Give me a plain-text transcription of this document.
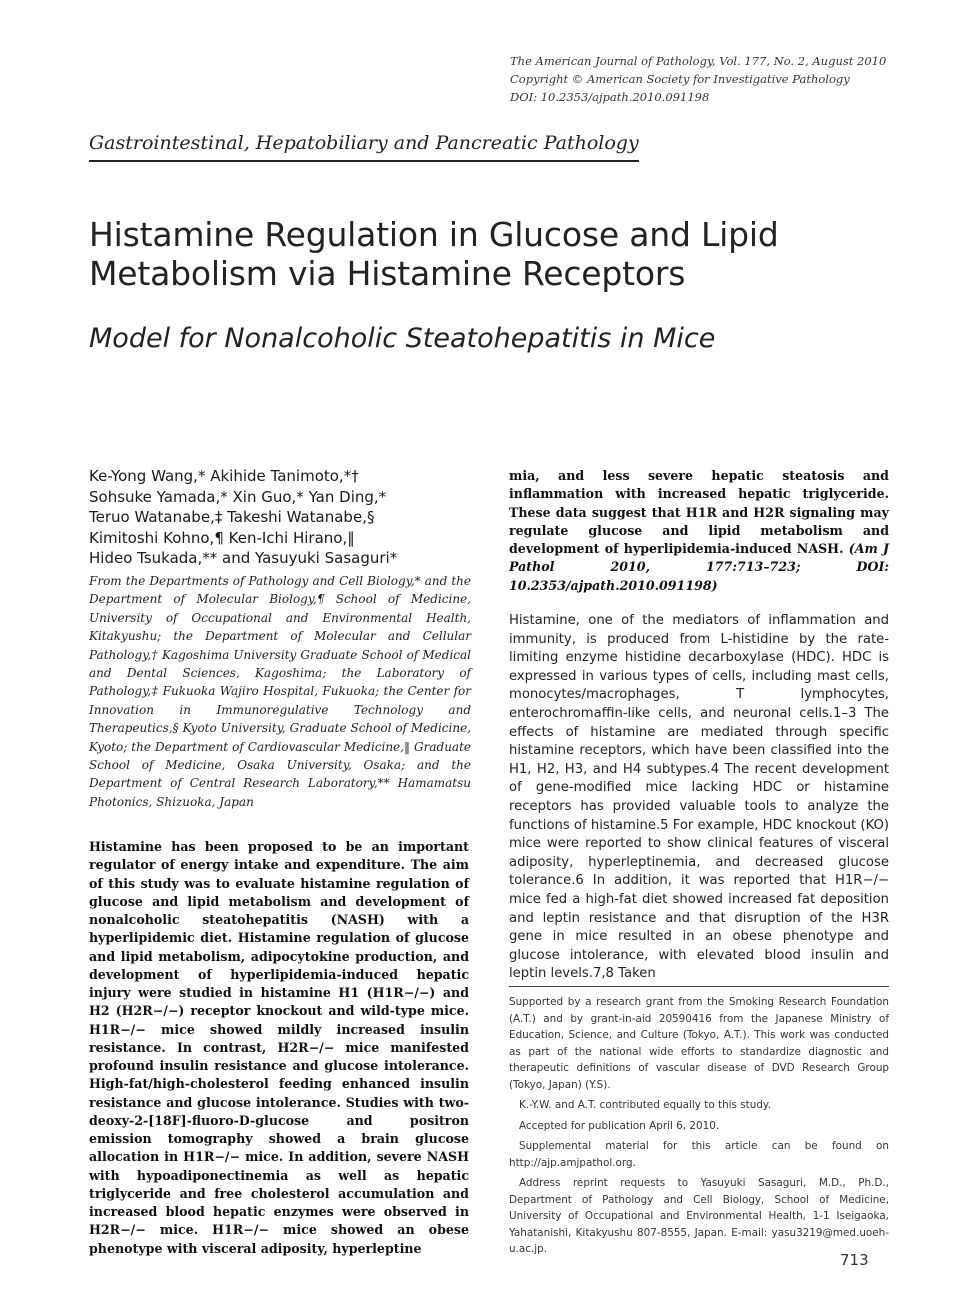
The American Journal of Pathology, Vol. 177, No. 2, August 2010
Copyright © American Society for Investigative Pathology
DOI: 10.2353/ajpath.2010.091198
Gastrointestinal, Hepatobiliary and Pancreatic Pathology
Histamine Regulation in Glucose and Lipid
Metabolism via Histamine Receptors
Model for Nonalcoholic Steatohepatitis in Mice
Ke-Yong Wang,* Akihide Tanimoto,*†
Sohsuke Yamada,* Xin Guo,* Yan Ding,*
Teruo Watanabe,‡ Takeshi Watanabe,§
Kimitoshi Kohno,¶ Ken-Ichi Hirano,‖
Hideo Tsukada,** and Yasuyuki Sasaguri*
From the Departments of Pathology and Cell Biology,* and the Department of Molecular Biology,¶ School of Medicine, University of Occupational and Environmental Health, Kitakyushu; the Department of Molecular and Cellular Pathology,† Kagoshima University Graduate School of Medical and Dental Sciences, Kagoshima; the Laboratory of Pathology,‡ Fukuoka Wajiro Hospital, Fukuoka; the Center for Innovation in Immunoregulative Technology and Therapeutics,§ Kyoto University, Graduate School of Medicine, Kyoto; the Department of Cardiovascular Medicine,‖ Graduate School of Medicine, Osaka University, Osaka; and the Department of Central Research Laboratory,** Hamamatsu Photonics, Shizuoka, Japan
Histamine has been proposed to be an important regulator of energy intake and expenditure. The aim of this study was to evaluate histamine regulation of glucose and lipid metabolism and development of nonalcoholic steatohepatitis (NASH) with a hyperlipidemic diet. Histamine regulation of glucose and lipid metabolism, adipocytokine production, and development of hyperlipidemia-induced hepatic injury were studied in histamine H1 (H1R−/−) and H2 (H2R−/−) receptor knockout and wild-type mice. H1R−/− mice showed mildly increased insulin resistance. In contrast, H2R−/− mice manifested profound insulin resistance and glucose intolerance. High-fat/high-cholesterol feeding enhanced insulin resistance and glucose intolerance. Studies with two-deoxy-2-[18F]-fluoro-D-glucose and positron emission tomography showed a brain glucose allocation in H1R−/− mice. In addition, severe NASH with hypoadiponectinemia as well as hepatic triglyceride and free cholesterol accumulation and increased blood hepatic enzymes were observed in H2R−/− mice. H1R−/− mice showed an obese phenotype with visceral adiposity, hyperleptine
mia, and less severe hepatic steatosis and inflammation with increased hepatic triglyceride. These data suggest that H1R and H2R signaling may regulate glucose and lipid metabolism and development of hyperlipidemia-induced NASH. (Am J Pathol 2010, 177:713–723; DOI: 10.2353/ajpath.2010.091198)
Histamine, one of the mediators of inflammation and immunity, is produced from L-histidine by the rate-limiting enzyme histidine decarboxylase (HDC). HDC is expressed in various types of cells, including mast cells, monocytes/macrophages, T lymphocytes, enterochromaffin-like cells, and neuronal cells.1–3 The effects of histamine are mediated through specific histamine receptors, which have been classified into the H1, H2, H3, and H4 subtypes.4 The recent development of gene-modified mice lacking HDC or histamine receptors has provided valuable tools to analyze the functions of histamine.5 For example, HDC knockout (KO) mice were reported to show clinical features of visceral adiposity, hyperleptinemia, and decreased glucose tolerance.6 In addition, it was reported that H1R−/− mice fed a high-fat diet showed increased fat deposition and leptin resistance and that disruption of the H3R gene in mice resulted in an obese phenotype and glucose intolerance, with elevated blood insulin and leptin levels.7,8 Taken

Supported by a research grant from the Smoking Research Foundation (A.T.) and by grant-in-aid 20590416 from the Japanese Ministry of Education, Science, and Culture (Tokyo, A.T.). This work was conducted as part of the national wide efforts to standardize diagnostic and therapeutic definitions of vascular disease of DVD Research Group (Tokyo, Japan) (Y.S).

K.-Y.W. and A.T. contributed equally to this study.

Accepted for publication April 6, 2010.

Supplemental material for this article can be found on http://ajp.amjpathol.org.

Address reprint requests to Yasuyuki Sasaguri, M.D., Ph.D., Department of Pathology and Cell Biology, School of Medicine, University of Occupational and Environmental Health, 1-1 Iseigaoka, Yahatanishi, Kitakyushu 807-8555, Japan. E-mail: yasu3219@med.uoeh-u.ac.jp.

713
